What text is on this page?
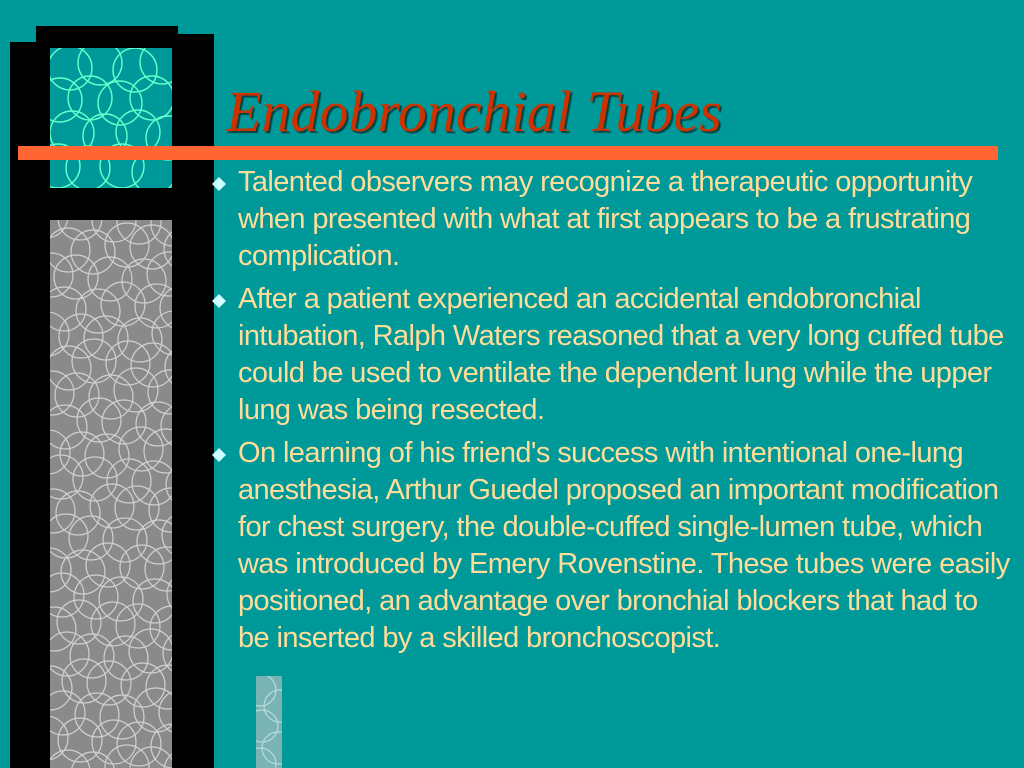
Endobronchial Tubes
Talented observers may recognize a therapeutic opportunity when presented with what at first appears to be a frustrating complication.
After a patient experienced an accidental endobronchial intubation, Ralph Waters reasoned that a very long cuffed tube could be used to ventilate the dependent lung while the upper lung was being resected.
On learning of his friend's success with intentional one-lung anesthesia, Arthur Guedel proposed an important modification for chest surgery, the double-cuffed single-lumen tube, which was introduced by Emery Rovenstine. These tubes were easily positioned, an advantage over bronchial blockers that had to be inserted by a skilled bronchoscopist.
